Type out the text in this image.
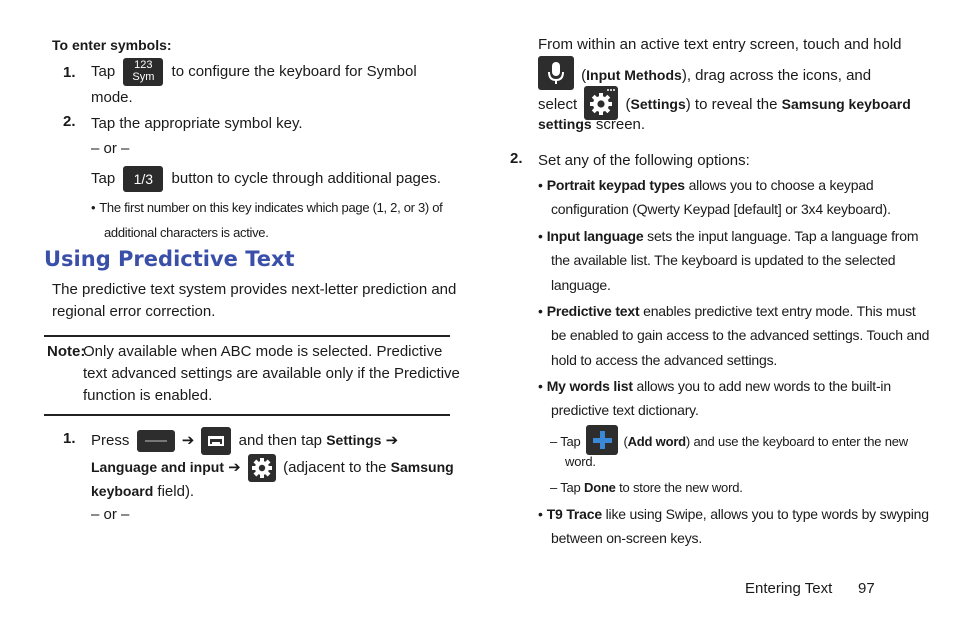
To enter symbols:
1. Tap 123
Sym to configure the keyboard for Symbol
mode.
2. Tap the appropriate symbol key.
– or –
Tap 1/3 button to cycle through additional pages.
• The first number on this key indicates which page (1, 2, or 3) of
additional characters is active.
Using Predictive Text
The predictive text system provides next-letter prediction and
regional error correction.
Note:
Only available when ABC mode is selected. Predictive
text advanced settings are available only if the Predictive
function is enabled.
1. Press	➔	and then tap Settings ➔
Language and input ➔	(adjacent to the Samsung
keyboard field).
– or –
From within an active text entry screen, touch and hold
(Input Methods), drag across the icons, and
select	(Settings) to reveal the Samsung keyboard
settings screen.
2. Set any of the following options:
• Portrait keypad types allows you to choose a keypad
configuration (Qwerty Keypad [default] or 3x4 keyboard).
• Input language sets the input language. Tap a language from
the available list. The keyboard is updated to the selected
language.
• Predictive text enables predictive text entry mode. This must
be enabled to gain access to the advanced settings. Touch and
hold to access the advanced settings.
• My words list allows you to add new words to the built-in
predictive text dictionary.
– Tap	(Add word) and use the keyboard to enter the new
word.
– Tap Done to store the new word.
• T9 Trace like using Swipe, allows you to type words by swyping
between on-screen keys.
Entering Text 97
